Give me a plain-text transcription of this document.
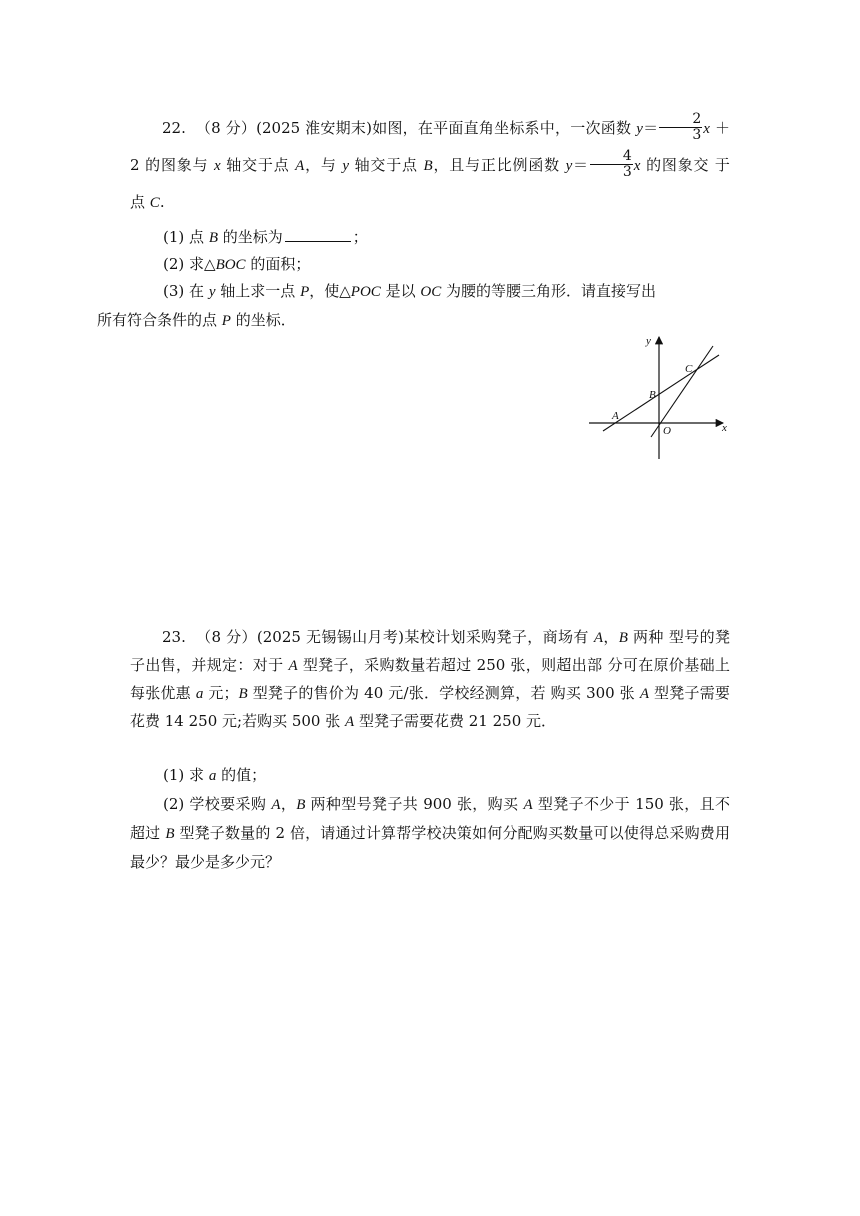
22. （8 分）(2025 淮安期末)如图，在平面直角坐标系中，一次函数 $y= \frac{2}{3}$ x ＋2 的图象与 x 轴交于点 A，与 y 轴交于点 B，且与正比例函数 $y= \frac{4}{3}$ x 的图象交 于点 C.

(1) 点 B 的坐标为	；

(2) 求△BOC 的面积；

(3) 在 y 轴上求一点 P，使△POC 是以 OC 为腰的等腰三角形．请直接写出
所有符合条件的点 P 的坐标．

y
x
O
A
B
C

23. （8 分）(2025 无锡锡山月考)某校计划采购凳子，商场有 A，B 两种 型号的凳子出售，并规定：对于 A 型凳子，采购数量若超过 250 张，则超出部 分可在原价基础上每张优惠 a 元；B 型凳子的售价为 40 元/张．学校经测算，若 购买 300 张 A 型凳子需要花费 14 250 元;若购买 500 张 A 型凳子需要花费 21 250 元．

(1) 求 a 的值；

(2) 学校要采购 A，B 两种型号凳子共 900 张，购买 A 型凳子不少于 150 张，且不超过 B 型凳子数量的 2 倍，请通过计算帮学校决策如何分配购买数量可以使得总采购费用最少？最少是多少元？
